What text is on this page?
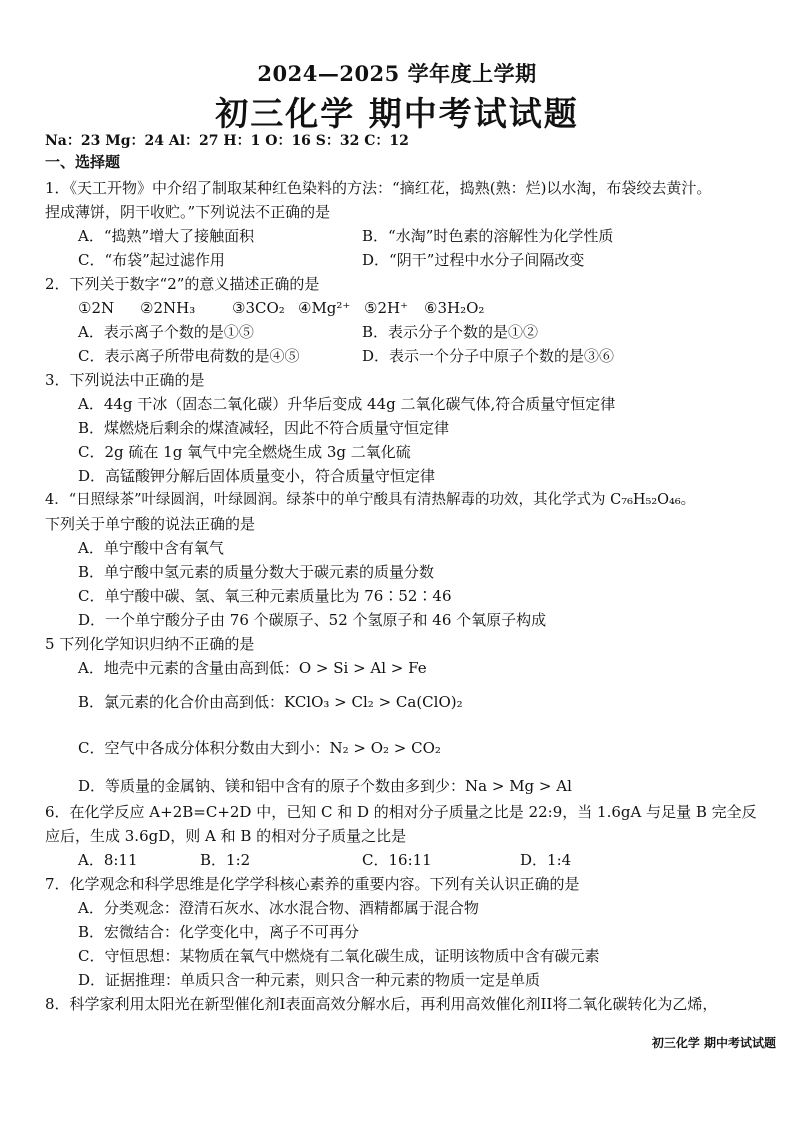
2024—2025 学年度上学期
初三化学 期中考试试题
Na：23 Mg：24 Al：27 H：1 O：16 S：32 C：12
一、选择题
1．《天工开物》中介绍了制取某种红色染料的方法：“摘红花，捣熟(熟：烂)以水淘，布袋绞去黄汁。
捏成薄饼，阴干收贮。”下列说法不正确的是
A．“捣熟”增大了接触面积	B．“水淘”时色素的溶解性为化学性质
C．“布袋”起过滤作用	D．“阴干”过程中水分子间隔改变
2．下列关于数字“2”的意义描述正确的是
①2N ②2NH₃ ③3CO₂ ④Mg²⁺ ⑤2H⁺ ⑥3H₂O₂
A．表示离子个数的是①⑤	B．表示分子个数的是①②
C．表示离子所带电荷数的是④⑤	D．表示一个分子中原子个数的是③⑥
3．下列说法中正确的是
A．44g 干冰（固态二氧化碳）升华后变成 44g 二氧化碳气体,符合质量守恒定律
B．煤燃烧后剩余的煤渣减轻，因此不符合质量守恒定律
C．2g 硫在 1g 氧气中完全燃烧生成 3g 二氧化硫
D．高锰酸钾分解后固体质量变小，符合质量守恒定律
4．“日照绿茶”叶绿圆润，叶绿圆润。绿茶中的单宁酸具有清热解毒的功效，其化学式为 C₇₆H₅₂O₄₆。
下列关于单宁酸的说法正确的是
A．单宁酸中含有氧气
B．单宁酸中氢元素的质量分数大于碳元素的质量分数
C．单宁酸中碳、氢、氧三种元素质量比为 76∶52∶46
D．一个单宁酸分子由 76 个碳原子、52 个氢原子和 46 个氧原子构成
5 下列化学知识归纳不正确的是
A．地壳中元素的含量由高到低：O > Si > Al > Fe
B．氯元素的化合价由高到低：KClO₃ > Cl₂ > Ca(ClO)₂
C．空气中各成分体积分数由大到小：N₂ > O₂ > CO₂
D．等质量的金属钠、镁和铝中含有的原子个数由多到少：Na > Mg > Al
6．在化学反应 A+2B=C+2D 中，已知 C 和 D 的相对分子质量之比是 22:9，当 1.6gA 与足量 B 完全反
应后，生成 3.6gD，则 A 和 B 的相对分子质量之比是
A．8:11	B．1:2	C．16:11	D．1:4
7．化学观念和科学思维是化学学科核心素养的重要内容。下列有关认识正确的是
A．分类观念：澄清石灰水、冰水混合物、酒精都属于混合物
B．宏微结合：化学变化中，离子不可再分
C．守恒思想：某物质在氧气中燃烧有二氧化碳生成，证明该物质中含有碳元素
D．证据推理：单质只含一种元素，则只含一种元素的物质一定是单质
8．科学家利用太阳光在新型催化剂I表面高效分解水后，再利用高效催化剂II将二氧化碳转化为乙烯，
初三化学 期中考试试题
